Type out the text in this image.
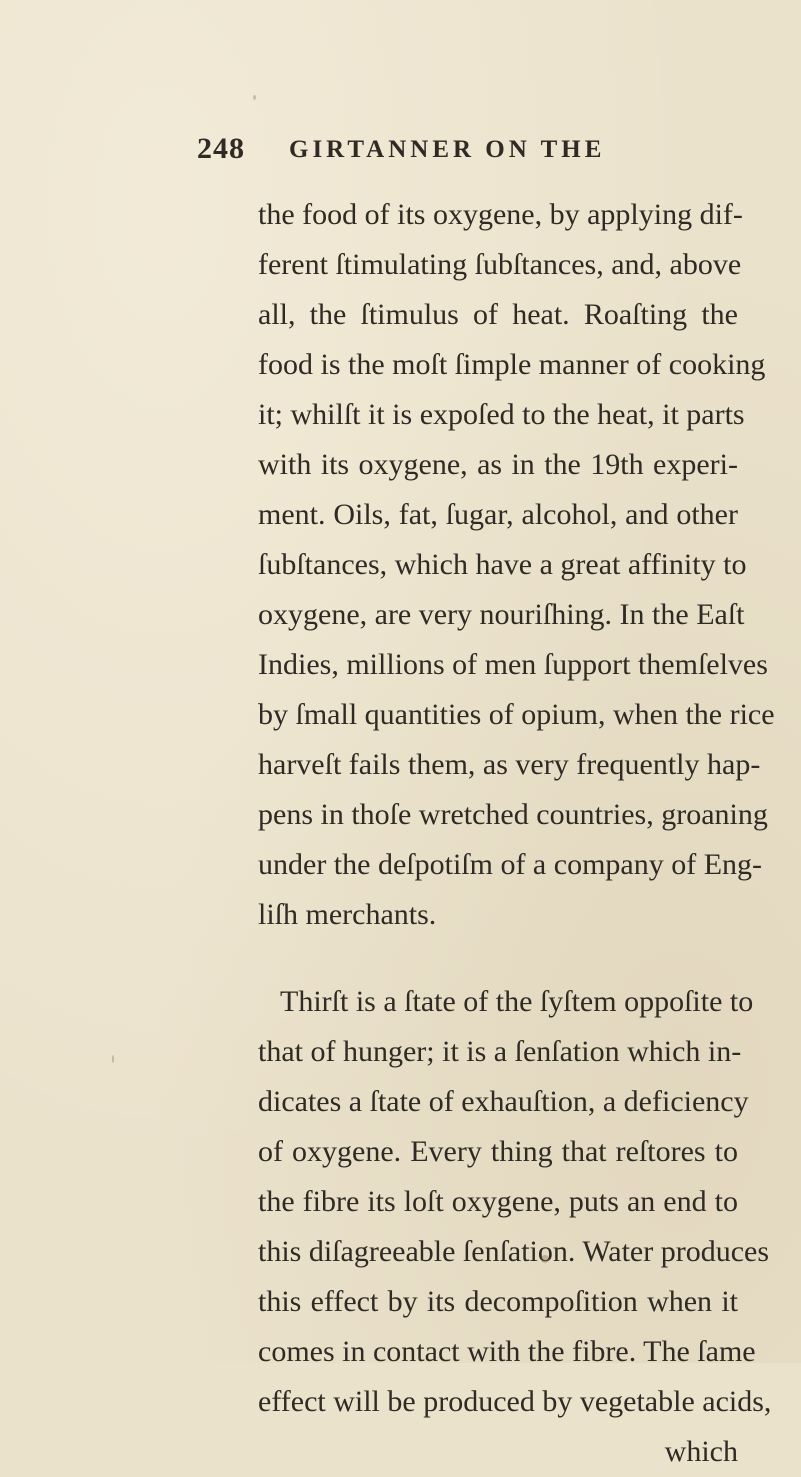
248 GIRTANNER ON THE
the food of its oxygene, by applying dif-
ferent ſtimulating ſubſtances, and, above
all, the ſtimulus of heat. Roaſting the
food is the moſt ſimple manner of cooking
it; whilſt it is expoſed to the heat, it parts
with its oxygene, as in the 19th experi-
ment. Oils, fat, ſugar, alcohol, and other
ſubſtances, which have a great affinity to
oxygene, are very nouriſhing. In the Eaſt
Indies, millions of men ſupport themſelves
by ſmall quantities of opium, when the rice
harveſt fails them, as very frequently hap-
pens in thoſe wretched countries, groaning
under the deſpotiſm of a company of Eng-
liſh merchants.
Thirſt is a ſtate of the ſyſtem oppoſite to
that of hunger; it is a ſenſation which in-
dicates a ſtate of exhauſtion, a deficiency
of oxygene. Every thing that reſtores to
the fibre its loſt oxygene, puts an end to
this diſagreeable ſenſation. Water produces
this effect by its decompoſition when it
comes in contact with the fibre. The ſame
effect will be produced by vegetable acids,
which
